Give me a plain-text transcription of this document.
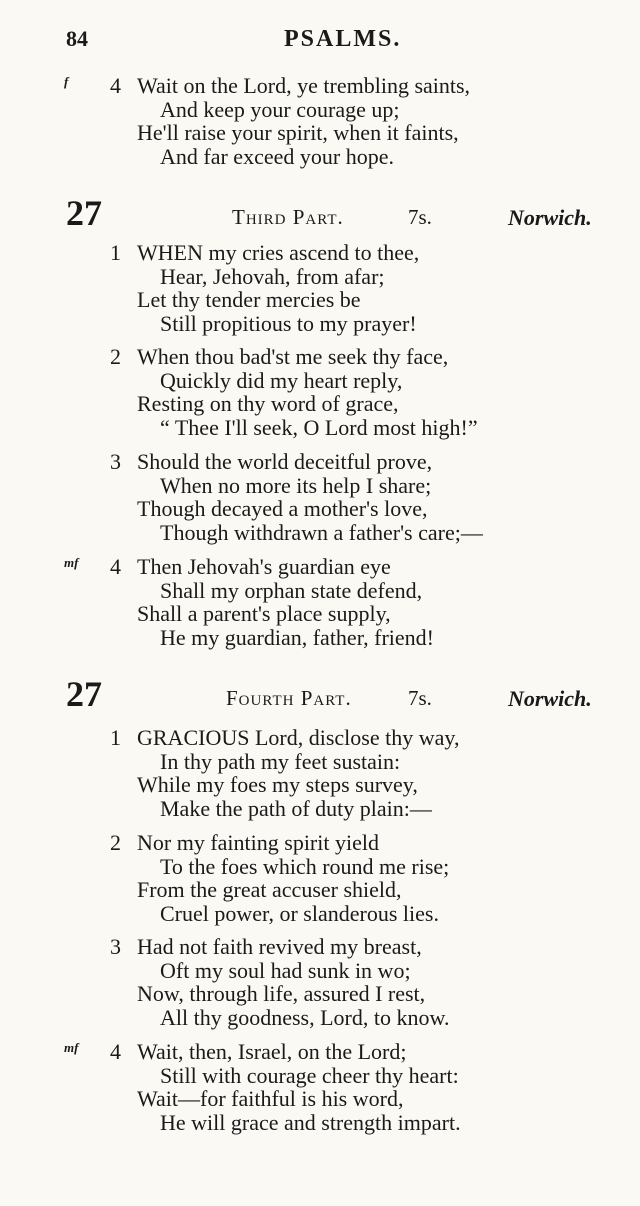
84	PSALMS.
f 4 Wait on the Lord, ye trembling saints,
And keep your courage up;
He'll raise your spirit, when it faints,
And far exceed your hope.
27	Third Part.	7s.	Norwich.
1 WHEN my cries ascend to thee,
Hear, Jehovah, from afar;
Let thy tender mercies be
Still propitious to my prayer!
2 When thou bad'st me seek thy face,
Quickly did my heart reply,
Resting on thy word of grace,
“ Thee I'll seek, O Lord most high!”
3 Should the world deceitful prove,
When no more its help I share;
Though decayed a mother's love,
Though withdrawn a father's care;—
mf 4 Then Jehovah's guardian eye
Shall my orphan state defend,
Shall a parent's place supply,
He my guardian, father, friend!
27	Fourth Part.	7s.	Norwich.
1 GRACIOUS Lord, disclose thy way,
In thy path my feet sustain:
While my foes my steps survey,
Make the path of duty plain:—
2 Nor my fainting spirit yield
To the foes which round me rise;
From the great accuser shield,
Cruel power, or slanderous lies.
3 Had not faith revived my breast,
Oft my soul had sunk in wo;
Now, through life, assured I rest,
All thy goodness, Lord, to know.
mf 4 Wait, then, Israel, on the Lord;
Still with courage cheer thy heart:
Wait—for faithful is his word,
He will grace and strength impart.
